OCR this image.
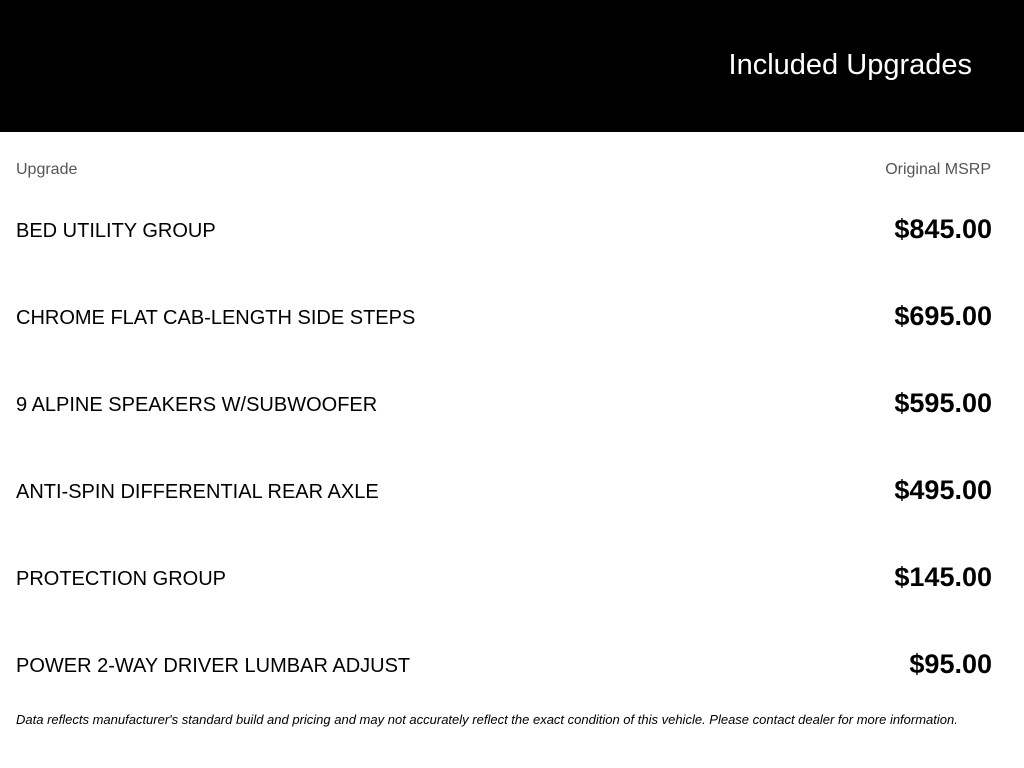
Included Upgrades
Upgrade	Original MSRP
BED UTILITY GROUP	$845.00
CHROME FLAT CAB-LENGTH SIDE STEPS	$695.00
9 ALPINE SPEAKERS W/SUBWOOFER	$595.00
ANTI-SPIN DIFFERENTIAL REAR AXLE	$495.00
PROTECTION GROUP	$145.00
POWER 2-WAY DRIVER LUMBAR ADJUST	$95.00

Data reflects manufacturer's standard build and pricing and may not accurately reflect the exact condition of this vehicle. Please contact dealer for more information.
